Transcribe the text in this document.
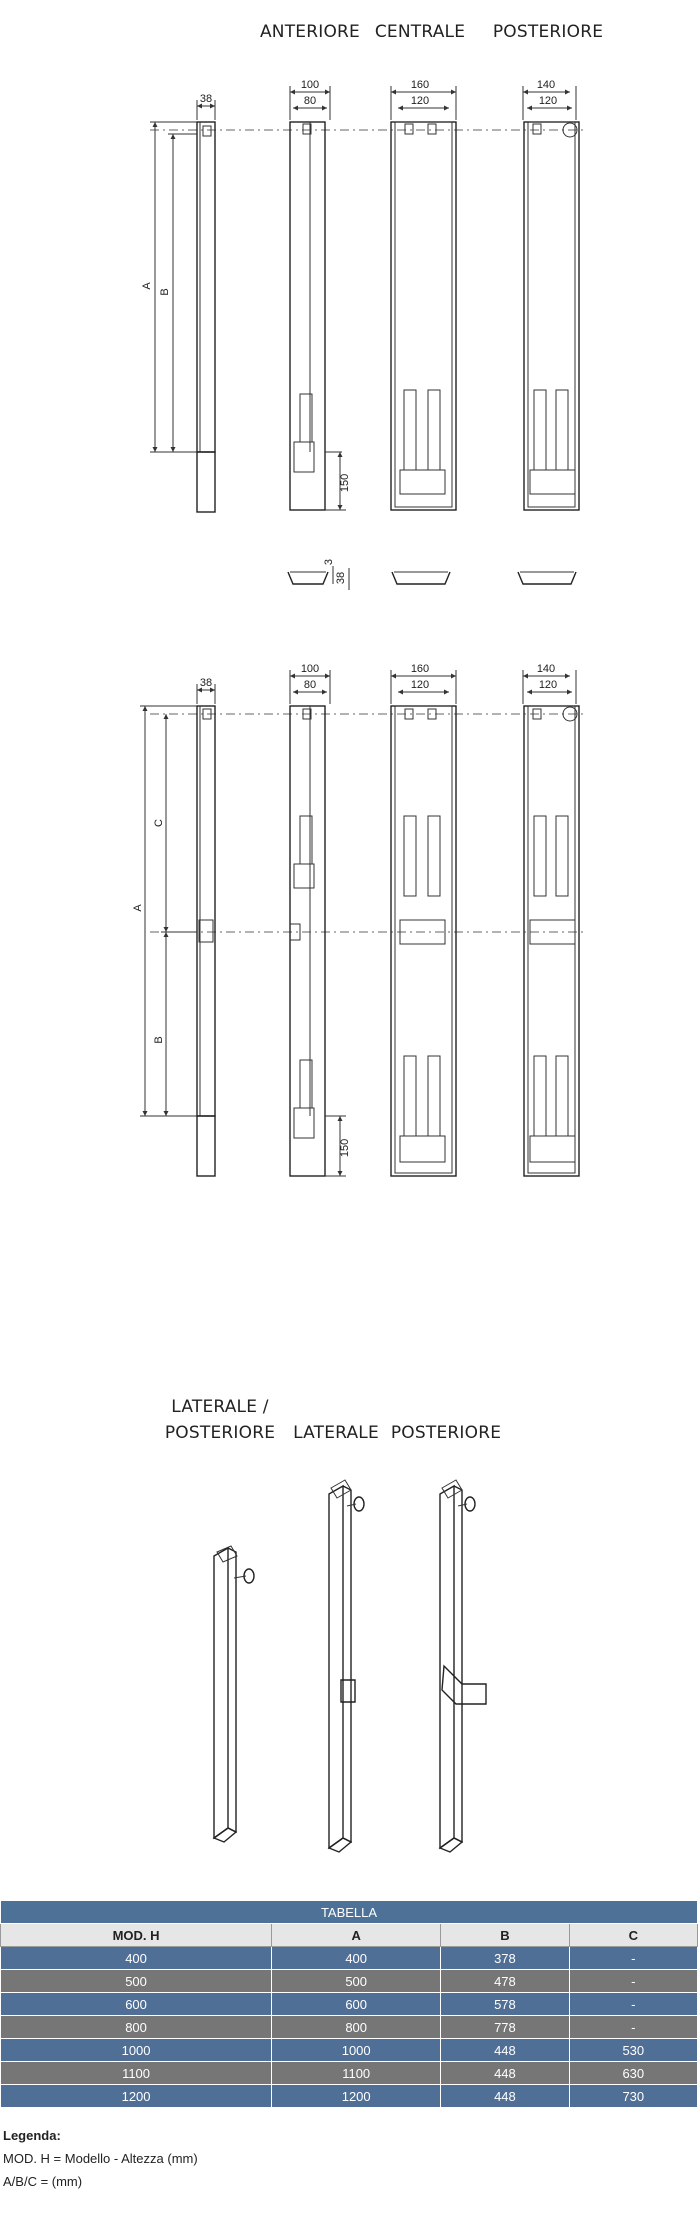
ANTERIORE CENTRALE POSTERIORE
38
A
B
100
80
150
160
120
140
120
3
38
38
A
C
B
100
80
150
160
120
140
120
LATERALE /
POSTERIORE LATERALE POSTERIORE
TABELLA			
MOD. H	A	B	C
400	400	378	-
500	500	478	-
600	600	578	-
800	800	778	-
1000	1000	448	530
1100	1100	448	630
1200	1200	448	730
Legenda:
MOD. H = Modello - Altezza (mm)
A/B/C = (mm)
